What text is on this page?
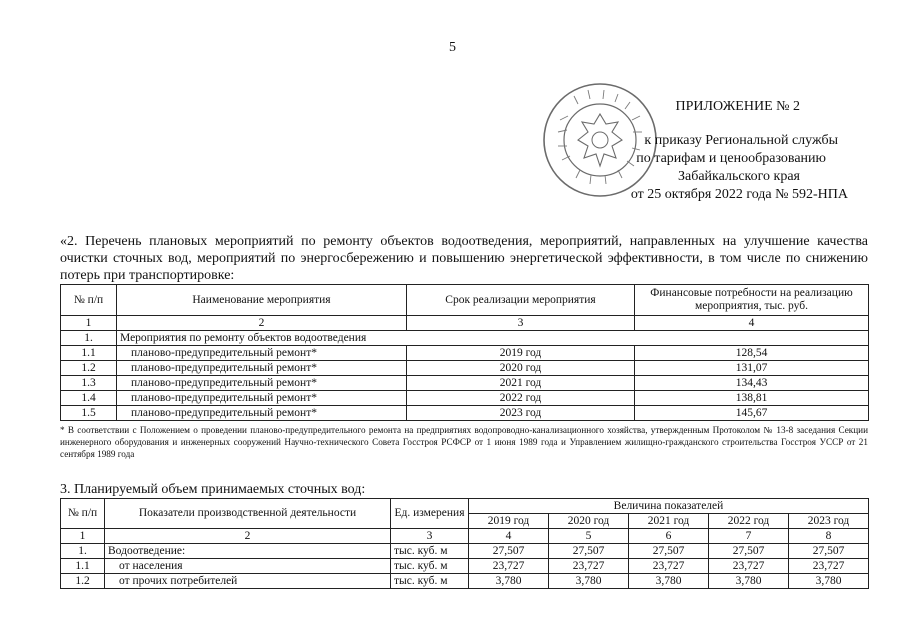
5
ПРИЛОЖЕНИЕ № 2
к приказу Региональной службы
по тарифам и ценообразованию
Забайкальского края
от 25 октября 2022 года № 592-НПА
«2. Перечень плановых мероприятий по ремонту объектов водоотведения, мероприятий, направленных на улучшение качества очистки сточных вод, мероприятий по энергосбережению и повышению энергетической эффективности, в том числе по снижению потерь при транспортировке:
№ п/п	Наименование мероприятия	Срок реализации мероприятия	Финансовые потребности на реализацию мероприятия, тыс. руб.
1	2	3	4
1.	Мероприятия по ремонту объектов водоотведения		
1.1	планово-предупредительный ремонт*	2019 год	128,54
1.2	планово-предупредительный ремонт*	2020 год	131,07
1.3	планово-предупредительный ремонт*	2021 год	134,43
1.4	планово-предупредительный ремонт*	2022 год	138,81
1.5	планово-предупредительный ремонт*	2023 год	145,67
* В соответствии с Положением о проведении планово-предупредительного ремонта на предприятиях водопроводно-канализационного хозяйства, утвержденным Протоколом № 13-8 заседания Секции инженерного оборудования и инженерных сооружений Научно-технического Совета Госстроя РСФСР от 1 июня 1989 года и Управлением жилищно-гражданского строительства Госстроя УССР от 21 сентября 1989 года
3. Планируемый объем принимаемых сточных вод:
№ п/п	Показатели производственной деятельности	Ед. измерения	Величина показателей				
			2019 год	2020 год	2021 год	2022 год	2023 год
1	2	3	4	5	6	7	8
1.	Водоотведение:	тыс. куб. м	27,507	27,507	27,507	27,507	27,507
1.1	от населения	тыс. куб. м	23,727	23,727	23,727	23,727	23,727
1.2	от прочих потребителей	тыс. куб. м	3,780	3,780	3,780	3,780	3,780
